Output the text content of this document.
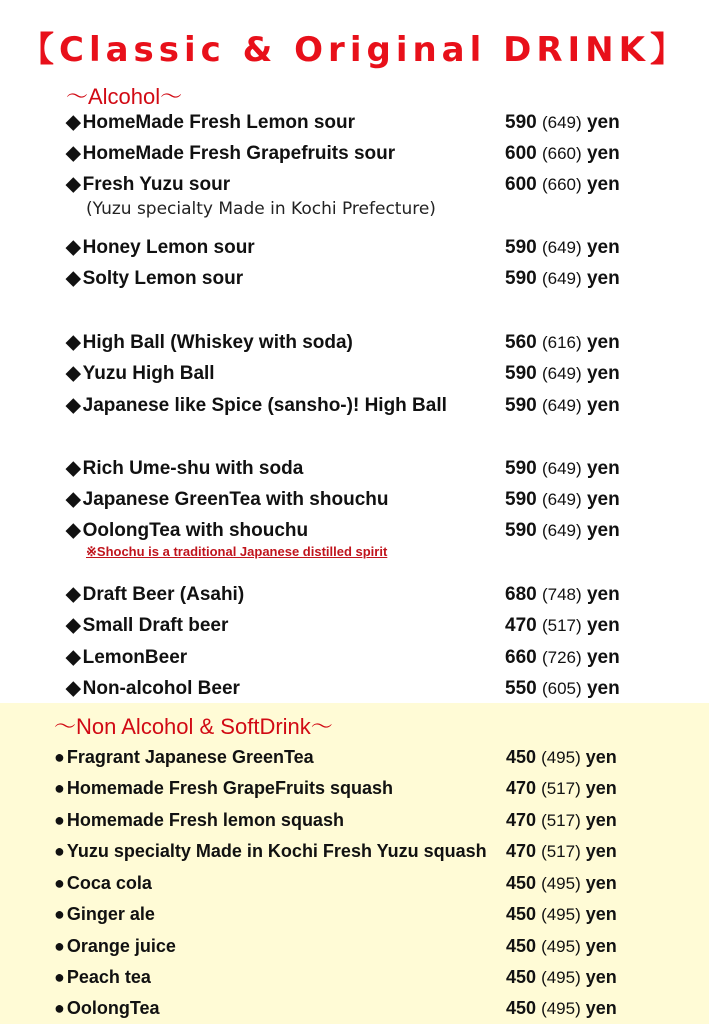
【Classic & Original DRINK】
～Alcohol～
◆ HomeMade Fresh Lemon sour	590 (649) yen
◆ HomeMade Fresh Grapefruits sour	600 (660) yen
◆ Fresh Yuzu sour	600 (660) yen
(Yuzu specialty Made in Kochi Prefecture)
◆ Honey Lemon sour	590 (649) yen
◆ Solty Lemon sour	590 (649) yen
◆ High Ball (Whiskey with soda)	560 (616) yen
◆ Yuzu High Ball	590 (649) yen
◆ Japanese like Spice (sansho-)! High Ball	590 (649) yen
◆ Rich Ume-shu with soda	590 (649) yen
◆ Japanese GreenTea with shouchu	590 (649) yen
◆ OolongTea with shouchu	590 (649) yen
※Shochu is a traditional Japanese distilled spirit
◆ Draft Beer (Asahi)	680 (748) yen
◆ Small Draft beer	470 (517) yen
◆ LemonBeer	660 (726) yen
◆ Non-alcohol Beer	550 (605) yen
～Non Alcohol & SoftDrink～
● Fragrant Japanese GreenTea	450 (495) yen
● Homemade Fresh GrapeFruits squash	470 (517) yen
● Homemade Fresh lemon squash	470 (517) yen
● Yuzu specialty Made in Kochi Fresh Yuzu squash 470 (517) yen
● Coca cola	450 (495) yen
● Ginger ale	450 (495) yen
● Orange juice	450 (495) yen
● Peach tea	450 (495) yen
● OolongTea	450 (495) yen
